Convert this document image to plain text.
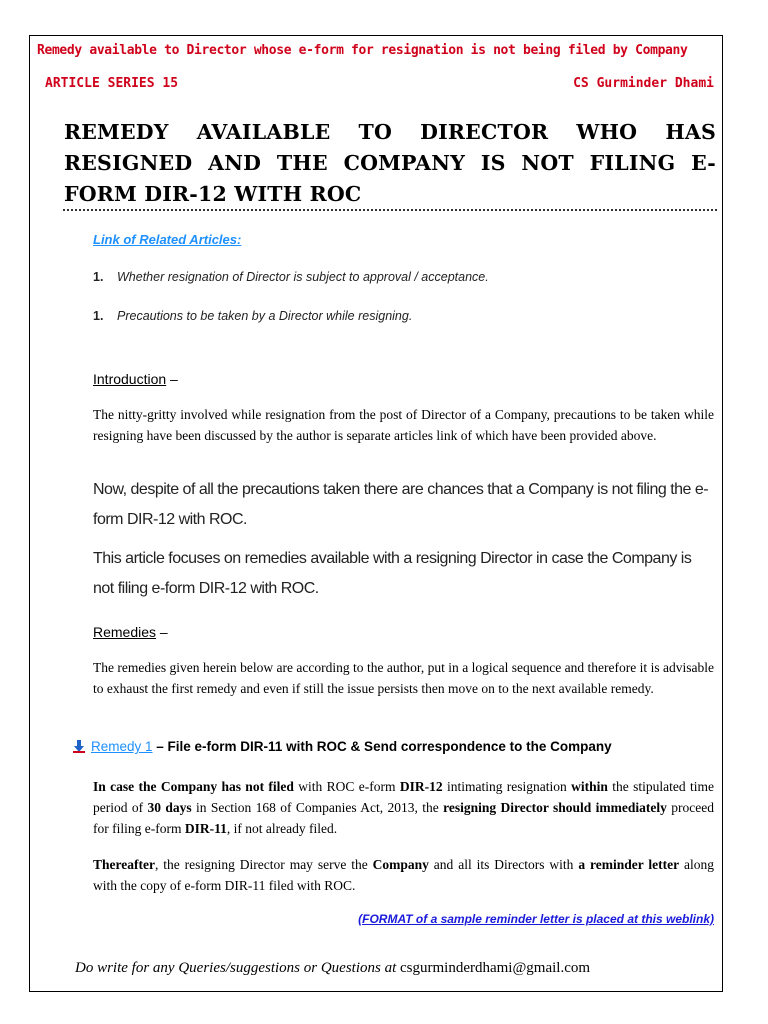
Remedy available to Director whose e-form for resignation is not being filed by Company
ARTICLE SERIES 15	CS Gurminder Dhami
REMEDY AVAILABLE TO DIRECTOR WHO HAS RESIGNED AND THE COMPANY IS NOT FILING E-FORM DIR-12 WITH ROC
Link of Related Articles:
1. Whether resignation of Director is subject to approval / acceptance.
1. Precautions to be taken by a Director while resigning.
Introduction –
The nitty-gritty involved while resignation from the post of Director of a Company, precautions to be taken while resigning have been discussed by the author is separate articles link of which have been provided above.
Now, despite of all the precautions taken there are chances that a Company is not filing the e-form DIR-12 with ROC.
This article focuses on remedies available with a resigning Director in case the Company is not filing e-form DIR-12 with ROC.
Remedies –
The remedies given herein below are according to the author, put in a logical sequence and therefore it is advisable to exhaust the first remedy and even if still the issue persists then move on to the next available remedy.
Remedy 1 – File e-form DIR-11 with ROC & Send correspondence to the Company
In case the Company has not filed with ROC e-form DIR-12 intimating resignation within the stipulated time period of 30 days in Section 168 of Companies Act, 2013, the resigning Director should immediately proceed for filing e-form DIR-11, if not already filed.
Thereafter, the resigning Director may serve the Company and all its Directors with a reminder letter along with the copy of e-form DIR-11 filed with ROC.
(FORMAT of a sample reminder letter is placed at this weblink)
Do write for any Queries/suggestions or Questions at csgurminderdhami@gmail.com
